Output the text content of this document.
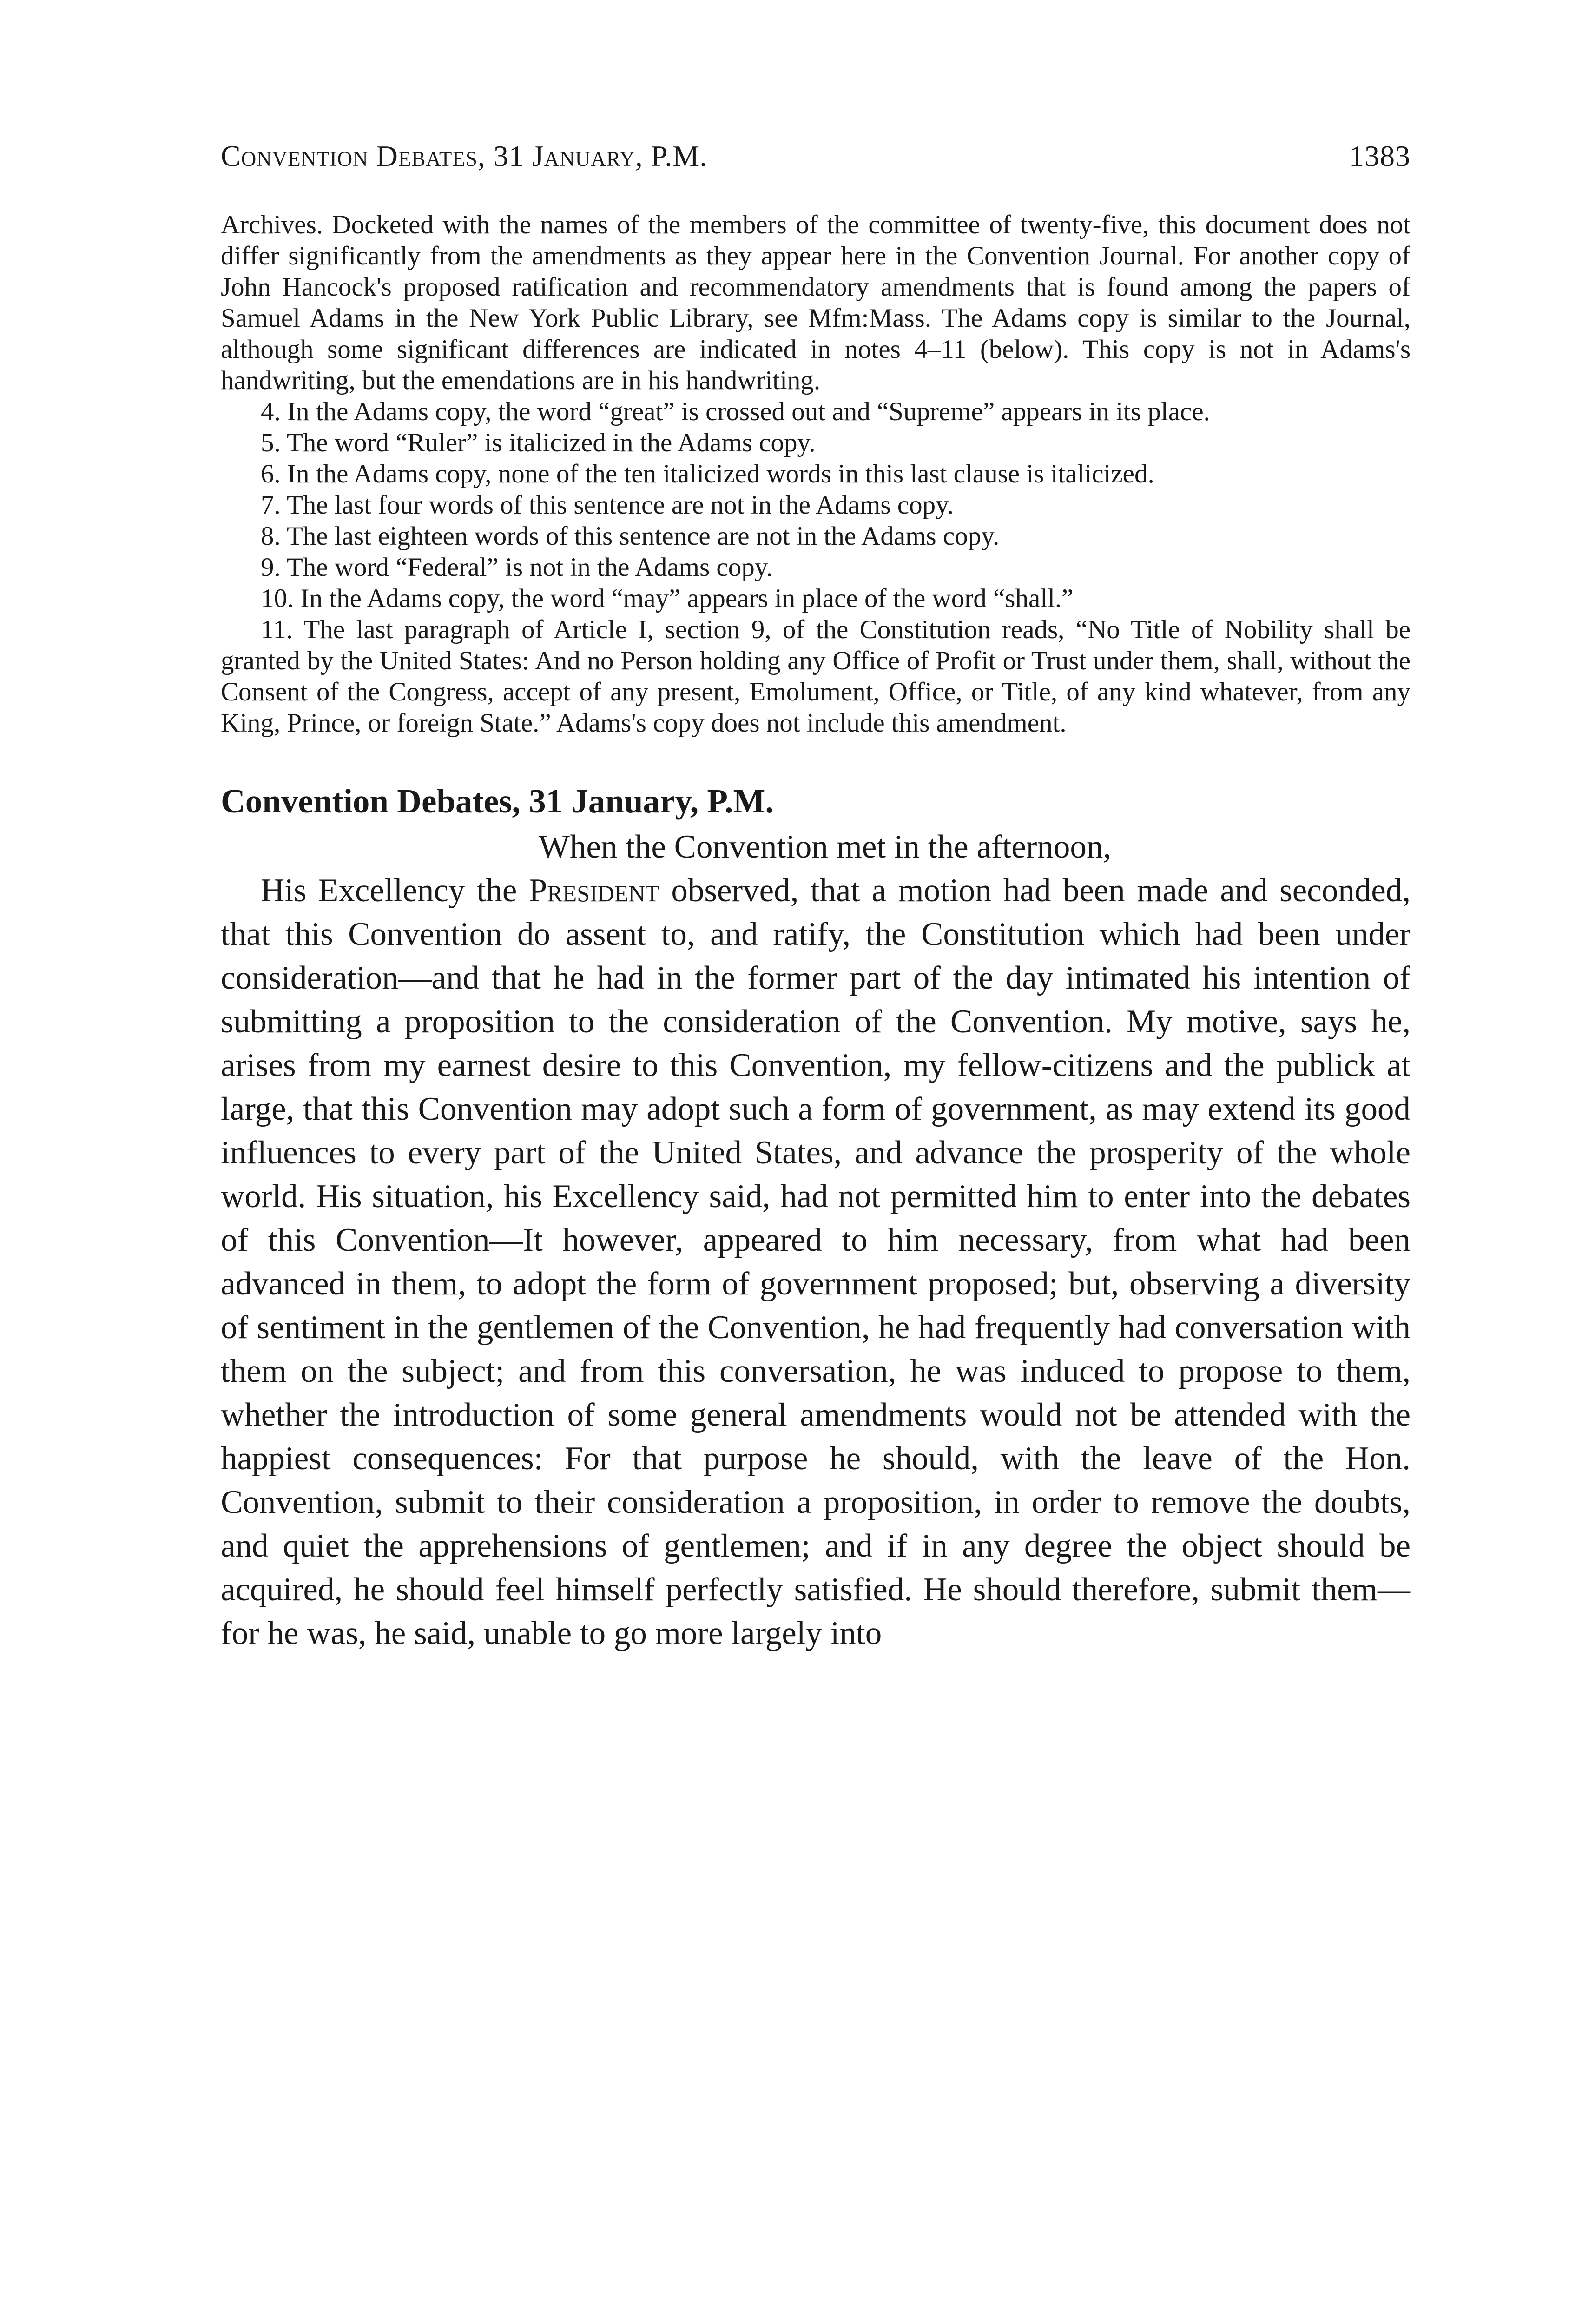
Convention Debates, 31 January, P.M.	1383

Archives. Docketed with the names of the members of the committee of twenty-five, this document does not differ significantly from the amendments as they appear here in the Convention Journal. For another copy of John Hancock's proposed ratification and recommendatory amendments that is found among the papers of Samuel Adams in the New York Public Library, see Mfm:Mass. The Adams copy is similar to the Journal, although some significant differences are indicated in notes 4–11 (below). This copy is not in Adams's handwriting, but the emendations are in his handwriting.

4. In the Adams copy, the word “great” is crossed out and “Supreme” appears in its place.

5. The word “Ruler” is italicized in the Adams copy.

6. In the Adams copy, none of the ten italicized words in this last clause is italicized.

7. The last four words of this sentence are not in the Adams copy.

8. The last eighteen words of this sentence are not in the Adams copy.

9. The word “Federal” is not in the Adams copy.

10. In the Adams copy, the word “may” appears in place of the word “shall.”

11. The last paragraph of Article I, section 9, of the Constitution reads, “No Title of Nobility shall be granted by the United States: And no Person holding any Office of Profit or Trust under them, shall, without the Consent of the Congress, accept of any present, Emolument, Office, or Title, of any kind whatever, from any King, Prince, or foreign State.” Adams's copy does not include this amendment.

Convention Debates, 31 January, P.M.

When the Convention met in the afternoon,

His Excellency the President observed, that a motion had been made and seconded, that this Convention do assent to, and ratify, the Constitution which had been under consideration—and that he had in the former part of the day intimated his intention of submitting a proposition to the consideration of the Convention. My motive, says he, arises from my earnest desire to this Convention, my fellow-citizens and the publick at large, that this Convention may adopt such a form of government, as may extend its good influences to every part of the United States, and advance the prosperity of the whole world. His situation, his Excellency said, had not permitted him to enter into the debates of this Convention—It however, appeared to him necessary, from what had been advanced in them, to adopt the form of government proposed; but, observing a diversity of sentiment in the gentlemen of the Convention, he had frequently had conversation with them on the subject; and from this conversation, he was induced to propose to them, whether the introduction of some general amendments would not be attended with the happiest consequences: For that purpose he should, with the leave of the Hon. Convention, submit to their consideration a proposition, in order to remove the doubts, and quiet the apprehensions of gentlemen; and if in any degree the object should be acquired, he should feel himself perfectly satisfied. He should therefore, submit them—for he was, he said, unable to go more largely into
